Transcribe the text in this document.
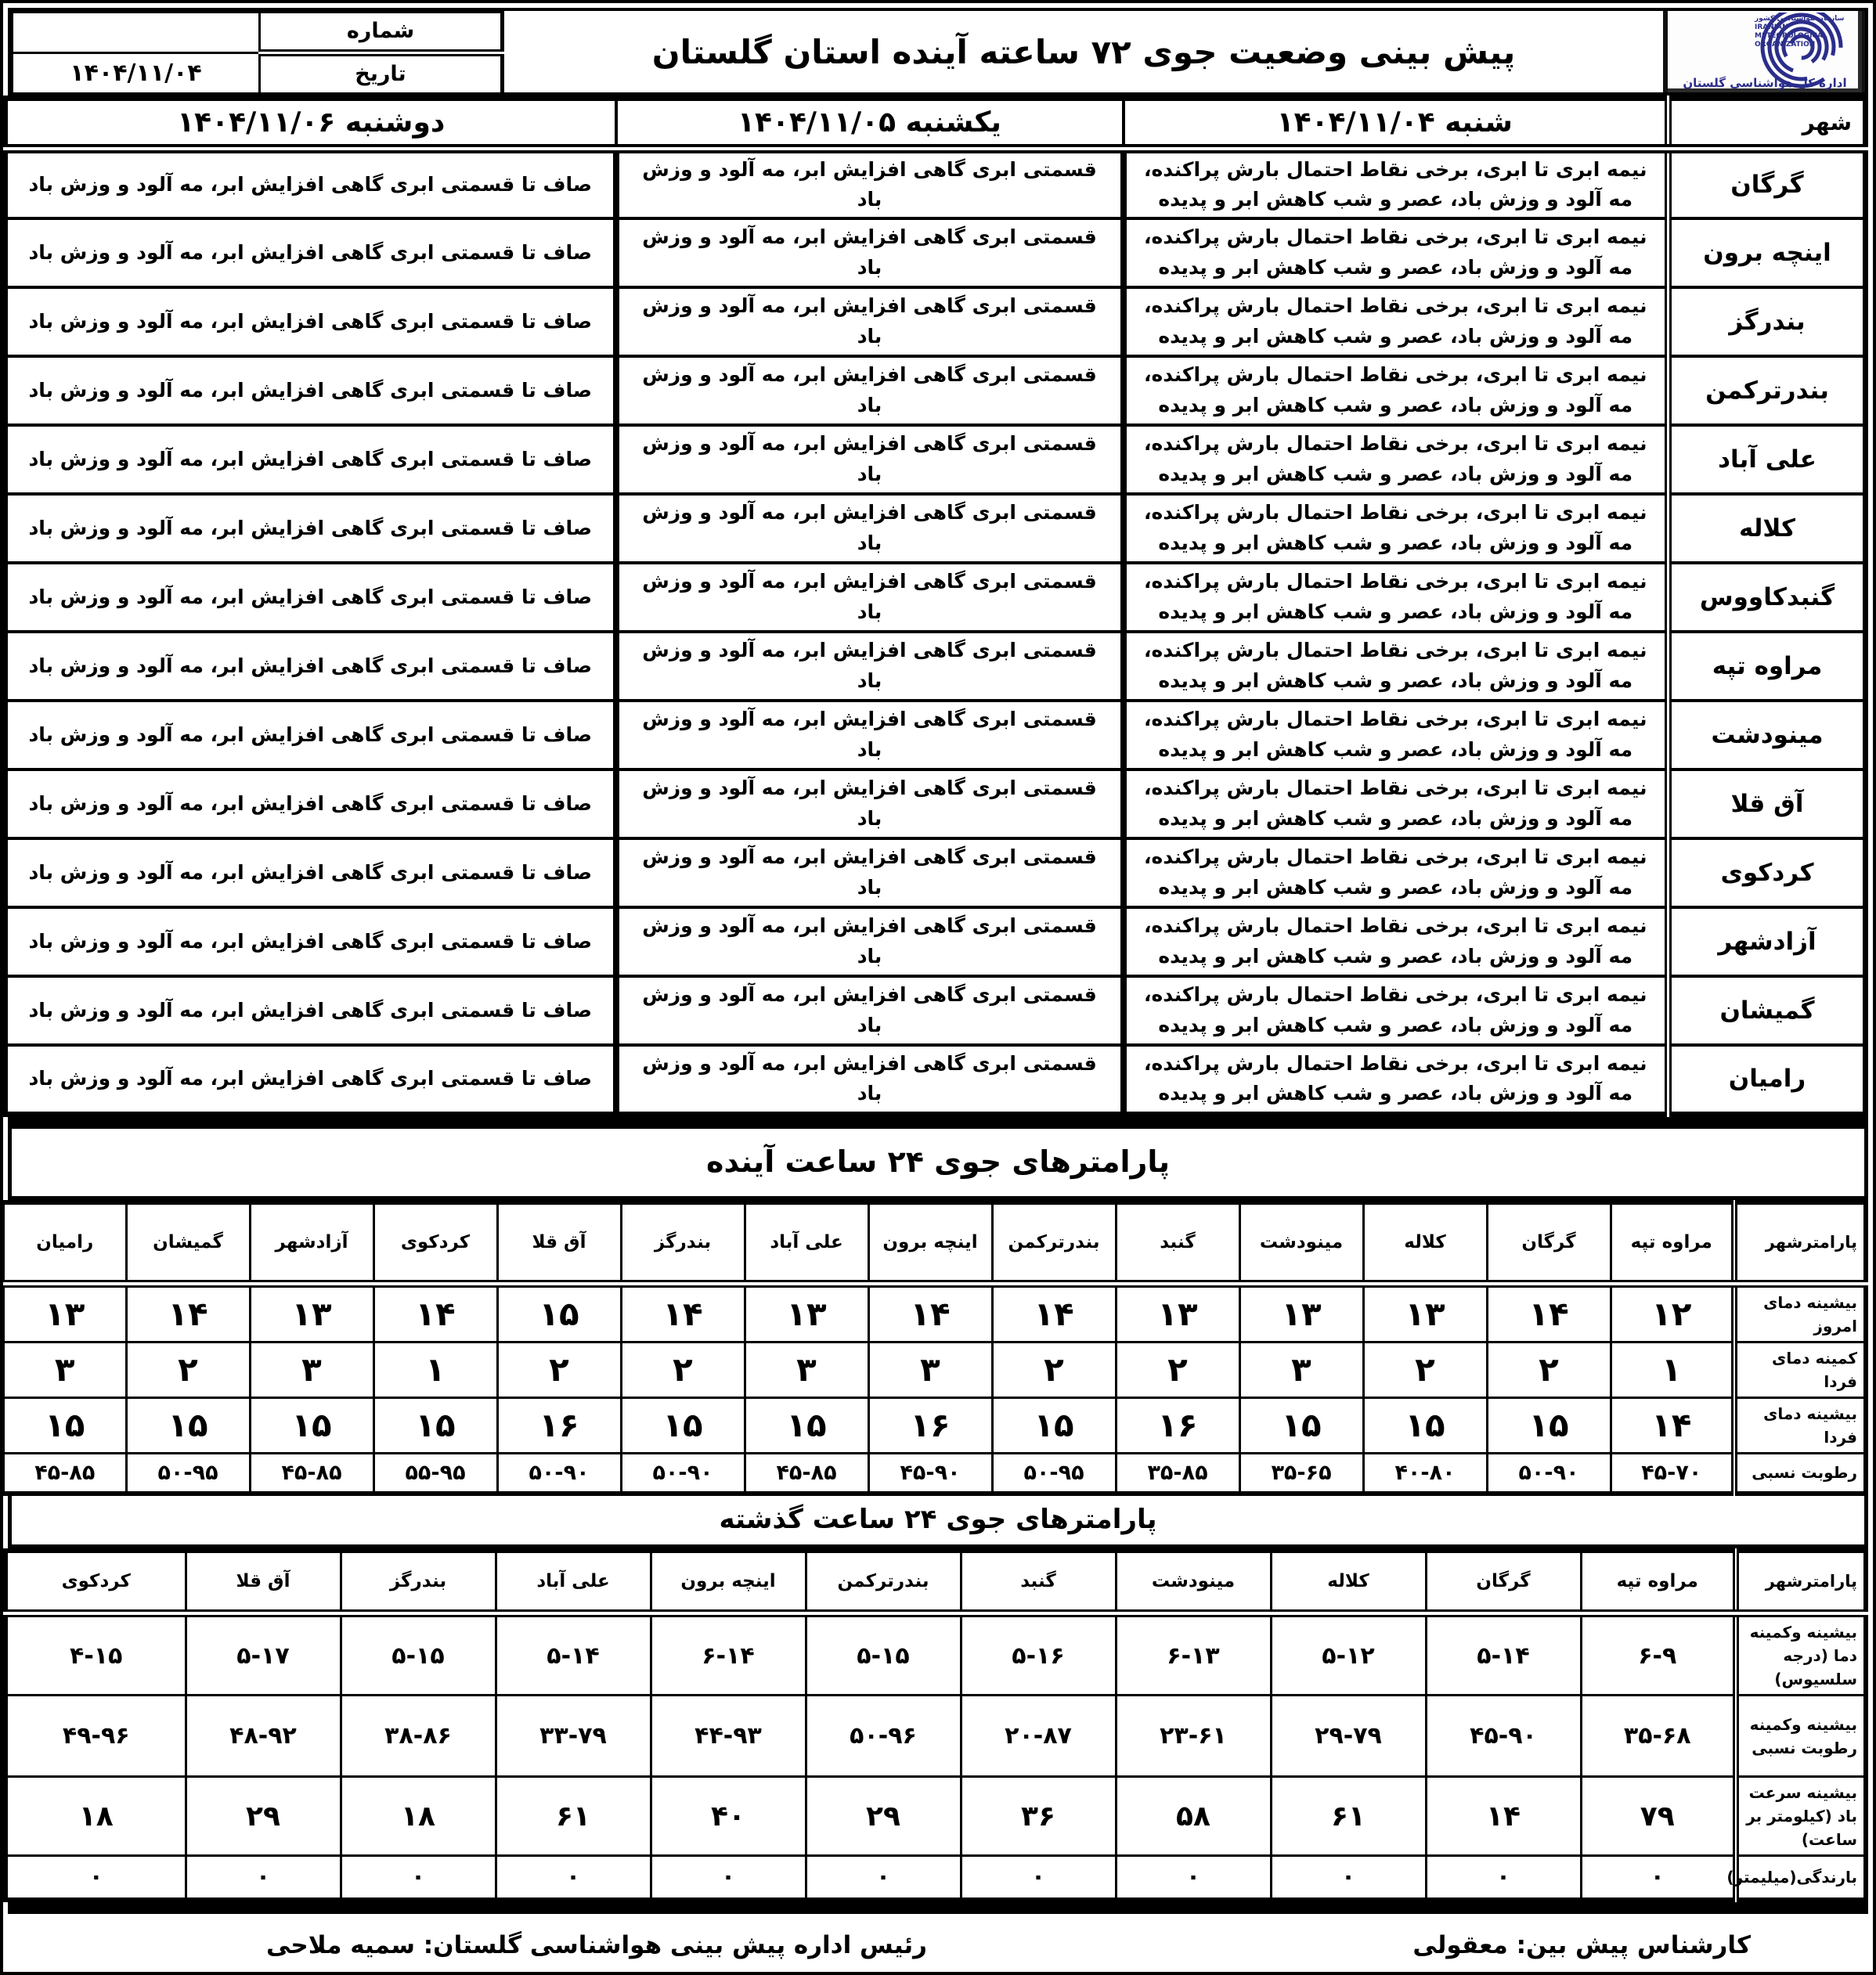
سازمان هواشناسی کشور
IRANIAN
METEOROLOGICAL
ORGANIZATION
اداره کل هواشناسی گلستان
پیش بینی وضعیت جوی ۷۲ ساعته آینده استان گلستان
شماره	
تاریخ	۱۴۰۴/۱۱/۰۴
شهر	شنبه ۱۴۰۴/۱۱/۰۴	یکشنبه ۱۴۰۴/۱۱/۰۵	دوشنبه ۱۴۰۴/۱۱/۰۶
گرگان	نیمه ابری تا ابری، برخی نقاط احتمال بارش پراکنده، مه آلود و وزش باد، عصر و شب کاهش ابر و پدیده	قسمتی ابری گاهی افزایش ابر، مه آلود و وزش باد	صاف تا قسمتی ابری گاهی افزایش ابر، مه آلود و وزش باد
اینچه برون	نیمه ابری تا ابری، برخی نقاط احتمال بارش پراکنده، مه آلود و وزش باد، عصر و شب کاهش ابر و پدیده	قسمتی ابری گاهی افزایش ابر، مه آلود و وزش باد	صاف تا قسمتی ابری گاهی افزایش ابر، مه آلود و وزش باد
بندرگز	نیمه ابری تا ابری، برخی نقاط احتمال بارش پراکنده، مه آلود و وزش باد، عصر و شب کاهش ابر و پدیده	قسمتی ابری گاهی افزایش ابر، مه آلود و وزش باد	صاف تا قسمتی ابری گاهی افزایش ابر، مه آلود و وزش باد
بندرترکمن	نیمه ابری تا ابری، برخی نقاط احتمال بارش پراکنده، مه آلود و وزش باد، عصر و شب کاهش ابر و پدیده	قسمتی ابری گاهی افزایش ابر، مه آلود و وزش باد	صاف تا قسمتی ابری گاهی افزایش ابر، مه آلود و وزش باد
علی آباد	نیمه ابری تا ابری، برخی نقاط احتمال بارش پراکنده، مه آلود و وزش باد، عصر و شب کاهش ابر و پدیده	قسمتی ابری گاهی افزایش ابر، مه آلود و وزش باد	صاف تا قسمتی ابری گاهی افزایش ابر، مه آلود و وزش باد
کلاله	نیمه ابری تا ابری، برخی نقاط احتمال بارش پراکنده، مه آلود و وزش باد، عصر و شب کاهش ابر و پدیده	قسمتی ابری گاهی افزایش ابر، مه آلود و وزش باد	صاف تا قسمتی ابری گاهی افزایش ابر، مه آلود و وزش باد
گنبدکاووس	نیمه ابری تا ابری، برخی نقاط احتمال بارش پراکنده، مه آلود و وزش باد، عصر و شب کاهش ابر و پدیده	قسمتی ابری گاهی افزایش ابر، مه آلود و وزش باد	صاف تا قسمتی ابری گاهی افزایش ابر، مه آلود و وزش باد
مراوه تپه	نیمه ابری تا ابری، برخی نقاط احتمال بارش پراکنده، مه آلود و وزش باد، عصر و شب کاهش ابر و پدیده	قسمتی ابری گاهی افزایش ابر، مه آلود و وزش باد	صاف تا قسمتی ابری گاهی افزایش ابر، مه آلود و وزش باد
مینودشت	نیمه ابری تا ابری، برخی نقاط احتمال بارش پراکنده، مه آلود و وزش باد، عصر و شب کاهش ابر و پدیده	قسمتی ابری گاهی افزایش ابر، مه آلود و وزش باد	صاف تا قسمتی ابری گاهی افزایش ابر، مه آلود و وزش باد
آق قلا	نیمه ابری تا ابری، برخی نقاط احتمال بارش پراکنده، مه آلود و وزش باد، عصر و شب کاهش ابر و پدیده	قسمتی ابری گاهی افزایش ابر، مه آلود و وزش باد	صاف تا قسمتی ابری گاهی افزایش ابر، مه آلود و وزش باد
کردکوی	نیمه ابری تا ابری، برخی نقاط احتمال بارش پراکنده، مه آلود و وزش باد، عصر و شب کاهش ابر و پدیده	قسمتی ابری گاهی افزایش ابر، مه آلود و وزش باد	صاف تا قسمتی ابری گاهی افزایش ابر، مه آلود و وزش باد
آزادشهر	نیمه ابری تا ابری، برخی نقاط احتمال بارش پراکنده، مه آلود و وزش باد، عصر و شب کاهش ابر و پدیده	قسمتی ابری گاهی افزایش ابر، مه آلود و وزش باد	صاف تا قسمتی ابری گاهی افزایش ابر، مه آلود و وزش باد
گمیشان	نیمه ابری تا ابری، برخی نقاط احتمال بارش پراکنده، مه آلود و وزش باد، عصر و شب کاهش ابر و پدیده	قسمتی ابری گاهی افزایش ابر، مه آلود و وزش باد	صاف تا قسمتی ابری گاهی افزایش ابر، مه آلود و وزش باد
رامیان	نیمه ابری تا ابری، برخی نقاط احتمال بارش پراکنده، مه آلود و وزش باد، عصر و شب کاهش ابر و پدیده	قسمتی ابری گاهی افزایش ابر، مه آلود و وزش باد	صاف تا قسمتی ابری گاهی افزایش ابر، مه آلود و وزش باد
پارامترهای جوی ۲۴ ساعت آینده
پارامترشهر	مراوه تپه	گرگان	کلاله	مینودشت	گنبد	بندرترکمن	اینچه برون	علی آباد	بندرگز	آق قلا	کردکوی	آزادشهر	گمیشان	رامیان
بیشینه دمای امروز	۱۲	۱۴	۱۳	۱۳	۱۳	۱۴	۱۴	۱۳	۱۴	۱۵	۱۴	۱۳	۱۴	۱۳
کمینه دمای فردا	۱	۲	۲	۳	۲	۲	۳	۳	۲	۲	۱	۳	۲	۳
بیشینه دمای فردا	۱۴	۱۵	۱۵	۱۵	۱۶	۱۵	۱۶	۱۵	۱۵	۱۶	۱۵	۱۵	۱۵	۱۵
رطوبت نسبی	۴۵-۷۰	۵۰-۹۰	۴۰-۸۰	۳۵-۶۵	۳۵-۸۵	۵۰-۹۵	۴۵-۹۰	۴۵-۸۵	۵۰-۹۰	۵۰-۹۰	۵۵-۹۵	۴۵-۸۵	۵۰-۹۵	۴۵-۸۵
پارامترهای جوی ۲۴ ساعت گذشته
پارامترشهر	مراوه تپه	گرگان	کلاله	مینودشت	گنبد	بندرترکمن	اینچه برون	علی آباد	بندرگز	آق قلا	کردکوی
بیشینه وکمینه دما (درجه سلسیوس)	۶-۹	۵-۱۴	۵-۱۲	۶-۱۳	۵-۱۶	۵-۱۵	۶-۱۴	۵-۱۴	۵-۱۵	۵-۱۷	۴-۱۵
بیشینه وکمینه رطوبت نسبی	۳۵-۶۸	۴۵-۹۰	۲۹-۷۹	۲۳-۶۱	۲۰-۸۷	۵۰-۹۶	۴۴-۹۳	۳۳-۷۹	۳۸-۸۶	۴۸-۹۲	۴۹-۹۶
بیشینه سرعت باد (کیلومتر بر ساعت)	۷۹	۱۴	۶۱	۵۸	۳۶	۲۹	۴۰	۶۱	۱۸	۲۹	۱۸
بارندگی(میلیمتر)	۰	۰	۰	۰	۰	۰	۰	۰	۰	۰	۰
کارشناس پیش بین: معقولی
رئیس اداره پیش بینی هواشناسی گلستان: سمیه ملاحی
